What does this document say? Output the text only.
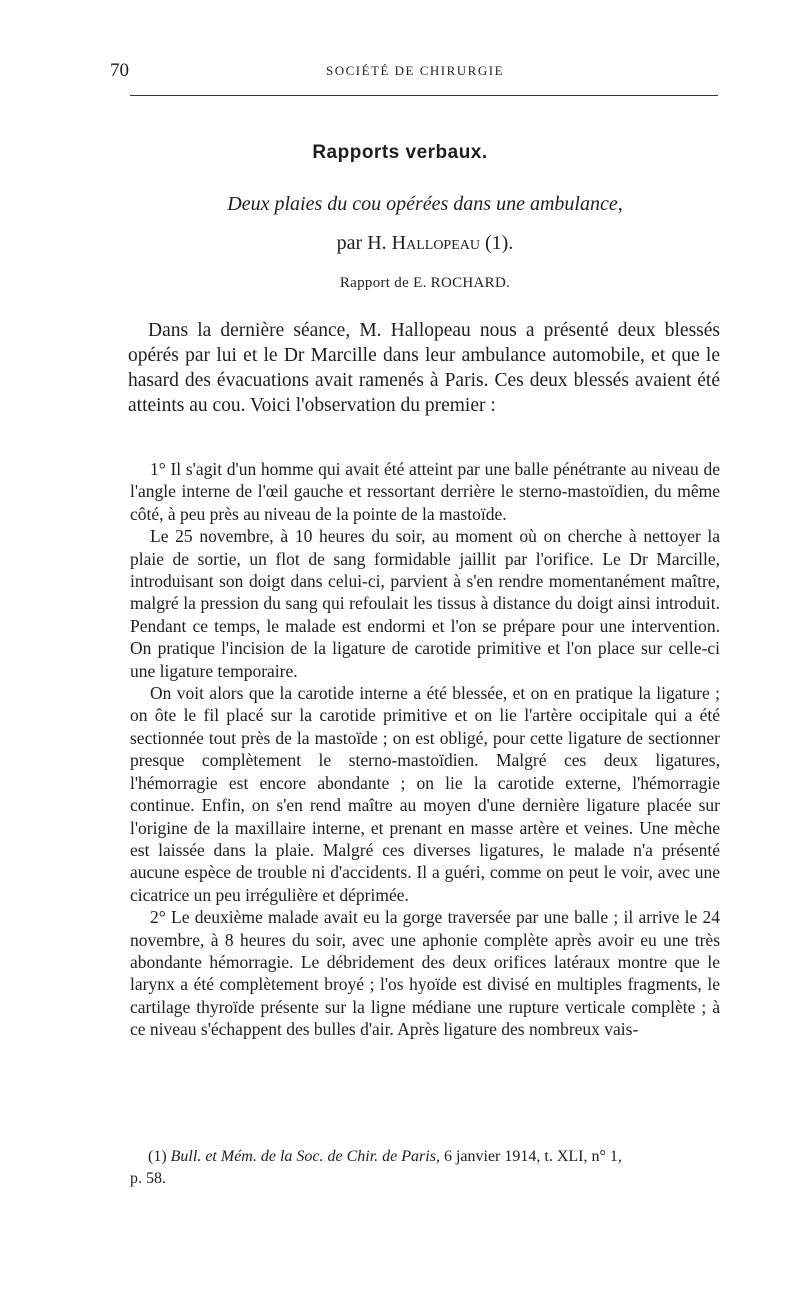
70	SOCIÉTÉ DE CHIRURGIE
Rapports verbaux.
Deux plaies du cou opérées dans une ambulance,
par H. Hallopeau (1).
Rapport de E. ROCHARD.

Dans la dernière séance, M. Hallopeau nous a présenté deux blessés opérés par lui et le Dr Marcille dans leur ambulance automobile, et que le hasard des évacuations avait ramenés à Paris. Ces deux blessés avaient été atteints au cou. Voici l'observation du premier :

1° Il s'agit d'un homme qui avait été atteint par une balle pénétrante au niveau de l'angle interne de l'œil gauche et ressortant derrière le sterno-mastoïdien, du même côté, à peu près au niveau de la pointe de la mastoïde.

Le 25 novembre, à 10 heures du soir, au moment où on cherche à nettoyer la plaie de sortie, un flot de sang formidable jaillit par l'orifice. Le Dr Marcille, introduisant son doigt dans celui-ci, parvient à s'en rendre momentanément maître, malgré la pression du sang qui refoulait les tissus à distance du doigt ainsi introduit. Pendant ce temps, le malade est endormi et l'on se prépare pour une intervention. On pratique l'incision de la ligature de carotide primitive et l'on place sur celle-ci une ligature temporaire.

On voit alors que la carotide interne a été blessée, et on en pratique la ligature ; on ôte le fil placé sur la carotide primitive et on lie l'artère occipitale qui a été sectionnée tout près de la mastoïde ; on est obligé, pour cette ligature de sectionner presque complètement le sterno-mastoïdien. Malgré ces deux ligatures, l'hémorragie est encore abondante ; on lie la carotide externe, l'hémorragie continue. Enfin, on s'en rend maître au moyen d'une dernière ligature placée sur l'origine de la maxillaire interne, et prenant en masse artère et veines. Une mèche est laissée dans la plaie. Malgré ces diverses ligatures, le malade n'a présenté aucune espèce de trouble ni d'accidents. Il a guéri, comme on peut le voir, avec une cicatrice un peu irrégulière et déprimée.

2° Le deuxième malade avait eu la gorge traversée par une balle ; il arrive le 24 novembre, à 8 heures du soir, avec une aphonie complète après avoir eu une très abondante hémorragie. Le débridement des deux orifices latéraux montre que le larynx a été complètement broyé ; l'os hyoïde est divisé en multiples fragments, le cartilage thyroïde présente sur la ligne médiane une rupture verticale complète ; à ce niveau s'échappent des bulles d'air. Après ligature des nombreux vais-

(1) Bull. et Mém. de la Soc. de Chir. de Paris, 6 janvier 1914, t. XLI, n° 1,
p. 58.
